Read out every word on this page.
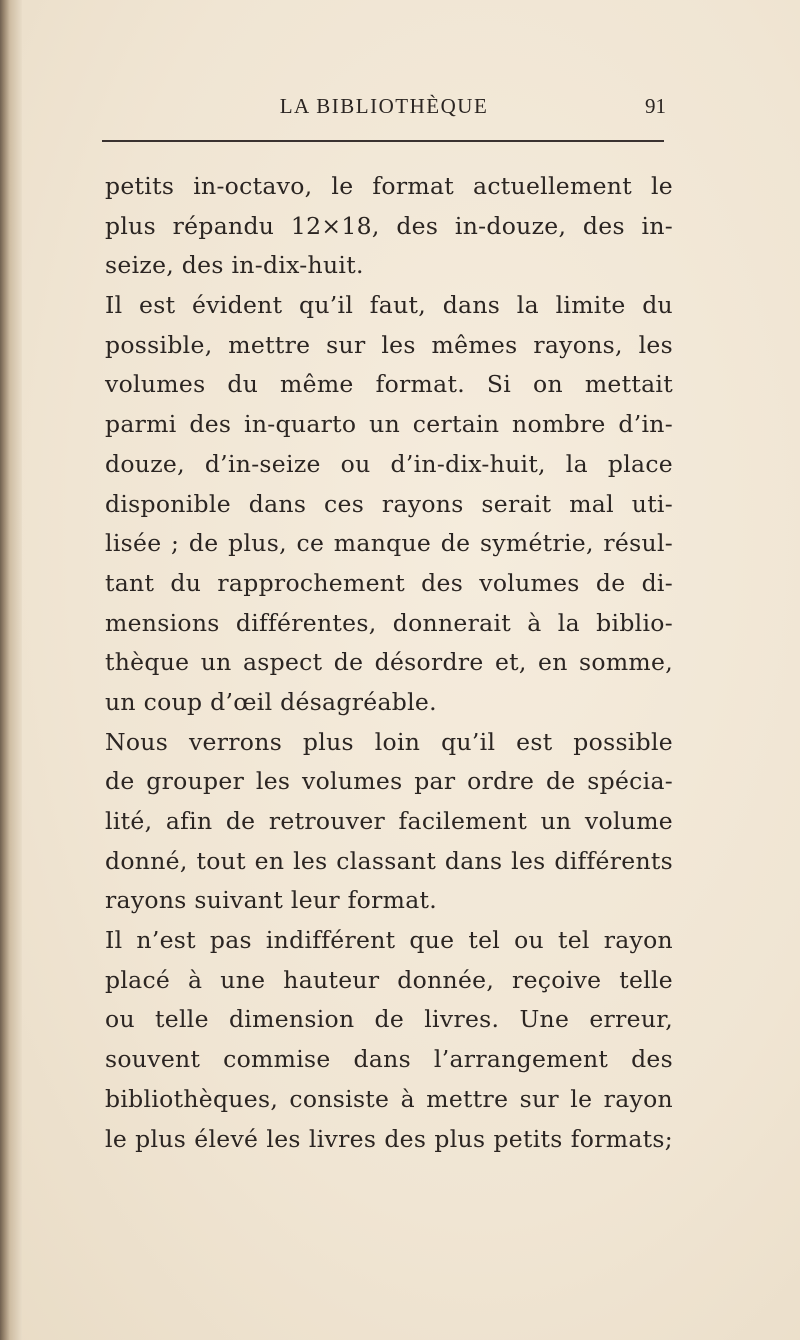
LA BIBLIOTHÈQUE	91
petits in-octavo, le format actuellement le
plus répandu 12×18, des in-douze, des in-
seize, des in-dix-huit.
Il est évident qu’il faut, dans la limite du
possible, mettre sur les mêmes rayons, les
volumes du même format. Si on mettait
parmi des in-quarto un certain nombre d’in-
douze, d’in-seize ou d’in-dix-huit, la place
disponible dans ces rayons serait mal uti-
lisée ; de plus, ce manque de symétrie, résul-
tant du rapprochement des volumes de di-
mensions différentes, donnerait à la biblio-
thèque un aspect de désordre et, en somme,
un coup d’œil désagréable.
Nous verrons plus loin qu’il est possible
de grouper les volumes par ordre de spécia-
lité, afin de retrouver facilement un volume
donné, tout en les classant dans les différents
rayons suivant leur format.
Il n’est pas indifférent que tel ou tel rayon
placé à une hauteur donnée, reçoive telle
ou telle dimension de livres. Une erreur,
souvent commise dans l’arrangement des
bibliothèques, consiste à mettre sur le rayon
le plus élevé les livres des plus petits formats;
